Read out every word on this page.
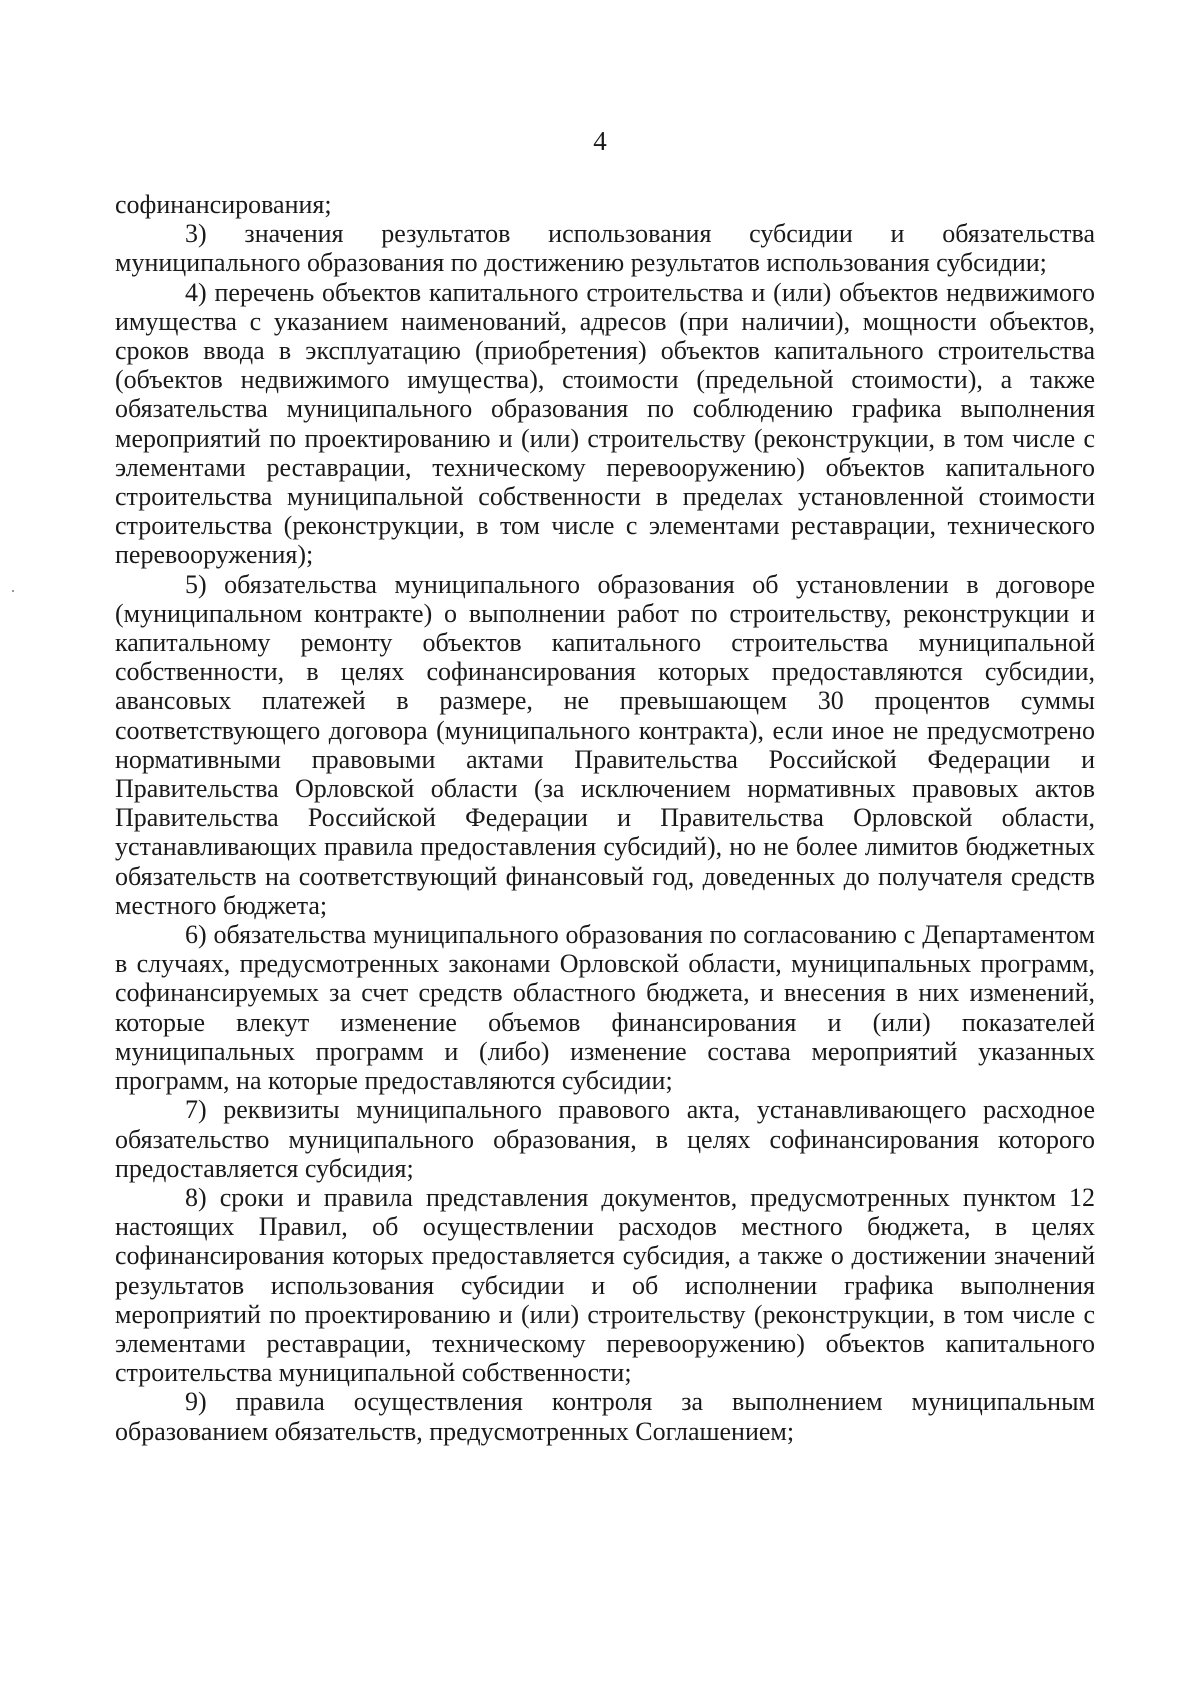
4

софинансирования;

3) значения результатов использования субсидии и обязательства муниципального образования по достижению результатов использования субсидии;

4) перечень объектов капитального строительства и (или) объектов недвижимого имущества с указанием наименований, адресов (при наличии), мощности объектов, сроков ввода в эксплуатацию (приобретения) объектов капитального строительства (объектов недвижимого имущества), стоимости (предельной стоимости), а также обязательства муниципального образования по соблюдению графика выполнения мероприятий по проектированию и (или) строительству (реконструкции, в том числе с элементами реставрации, техническому перевооружению) объектов капитального строительства муниципальной собственности в пределах установленной стоимости строительства (реконструкции, в том числе с элементами реставрации, технического перевооружения);

5) обязательства муниципального образования об установлении в договоре (муниципальном контракте) о выполнении работ по строительству, реконструкции и капитальному ремонту объектов капитального строительства муниципальной собственности, в целях софинансирования которых предоставляются субсидии, авансовых платежей в размере, не превышающем 30 процентов суммы соответствующего договора (муниципального контракта), если иное не предусмотрено нормативными правовыми актами Правительства Российской Федерации и Правительства Орловской области (за исключением нормативных правовых актов Правительства Российской Федерации и Правительства Орловской области, устанавливающих правила предоставления субсидий), но не более лимитов бюджетных обязательств на соответствующий финансовый год, доведенных до получателя средств местного бюджета;

6) обязательства муниципального образования по согласованию с Департаментом в случаях, предусмотренных законами Орловской области, муниципальных программ, софинансируемых за счет средств областного бюджета, и внесения в них изменений, которые влекут изменение объемов финансирования и (или) показателей муниципальных программ и (либо) изменение состава мероприятий указанных программ, на которые предоставляются субсидии;

7) реквизиты муниципального правового акта, устанавливающего расходное обязательство муниципального образования, в целях софинансирования которого предоставляется субсидия;

8) сроки и правила представления документов, предусмотренных пунктом 12 настоящих Правил, об осуществлении расходов местного бюджета, в целях софинансирования которых предоставляется субсидия, а также о достижении значений результатов использования субсидии и об исполнении графика выполнения мероприятий по проектированию и (или) строительству (реконструкции, в том числе с элементами реставрации, техническому перевооружению) объектов капитального строительства муниципальной собственности;

9) правила осуществления контроля за выполнением муниципальным образованием обязательств, предусмотренных Соглашением;
